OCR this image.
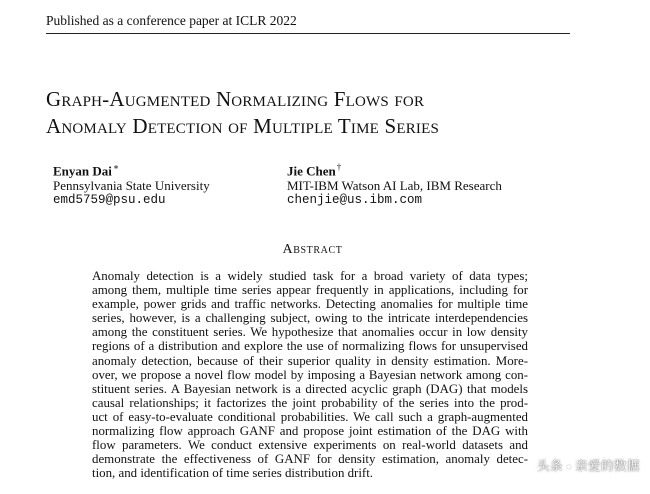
Published as a conference paper at ICLR 2022
Graph-Augmented Normalizing Flows for
Anomaly Detection of Multiple Time Series
Enyan Dai∗
Pennsylvania State University
emd5759@psu.edu
Jie Chen†
MIT-IBM Watson AI Lab, IBM Research
chenjie@us.ibm.com
Abstract
Anomaly detection is a widely studied task for a broad variety of data types;
among them, multiple time series appear frequently in applications, including for
example, power grids and traffic networks. Detecting anomalies for multiple time
series, however, is a challenging subject, owing to the intricate interdependencies
among the constituent series. We hypothesize that anomalies occur in low density
regions of a distribution and explore the use of normalizing flows for unsupervised
anomaly detection, because of their superior quality in density estimation. More-
over, we propose a novel flow model by imposing a Bayesian network among con-
stituent series. A Bayesian network is a directed acyclic graph (DAG) that models
causal relationships; it factorizes the joint probability of the series into the prod-
uct of easy-to-evaluate conditional probabilities. We call such a graph-augmented
normalizing flow approach GANF and propose joint estimation of the DAG with
flow parameters. We conduct extensive experiments on real-world datasets and
demonstrate the effectiveness of GANF for density estimation, anomaly detec-
tion, and identification of time series distribution drift.
头条 亲爱的数据
